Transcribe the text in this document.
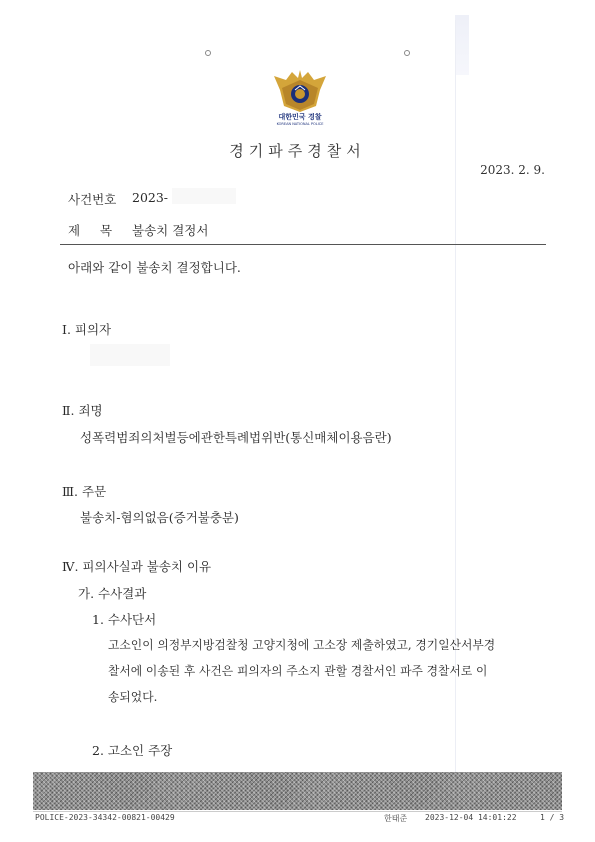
대한민국 경찰
KOREAN NATIONAL POLICE
경기파주경찰서
2023. 2. 9.
사건번호 2023-
제     목 불송치 결정서
아래와 같이 불송치 결정합니다.
Ⅰ. 피의자
Ⅱ. 죄명
성폭력범죄의처벌등에관한특례법위반(통신매체이용음란)
Ⅲ. 주문
불송치-혐의없음(증거불충분)
Ⅳ. 피의사실과 불송치 이유
가. 수사결과
1. 수사단서
고소인이 의정부지방검찰청 고양지청에 고소장 제출하였고, 경기일산서부경
찰서에 이송된 후 사건은 피의자의 주소지 관할 경찰서인 파주 경찰서로 이
송되었다.
2. 고소인 주장
POLICE-2023-34342-00821-00429	한태준 2023-12-04 14:01:22	1 / 3
